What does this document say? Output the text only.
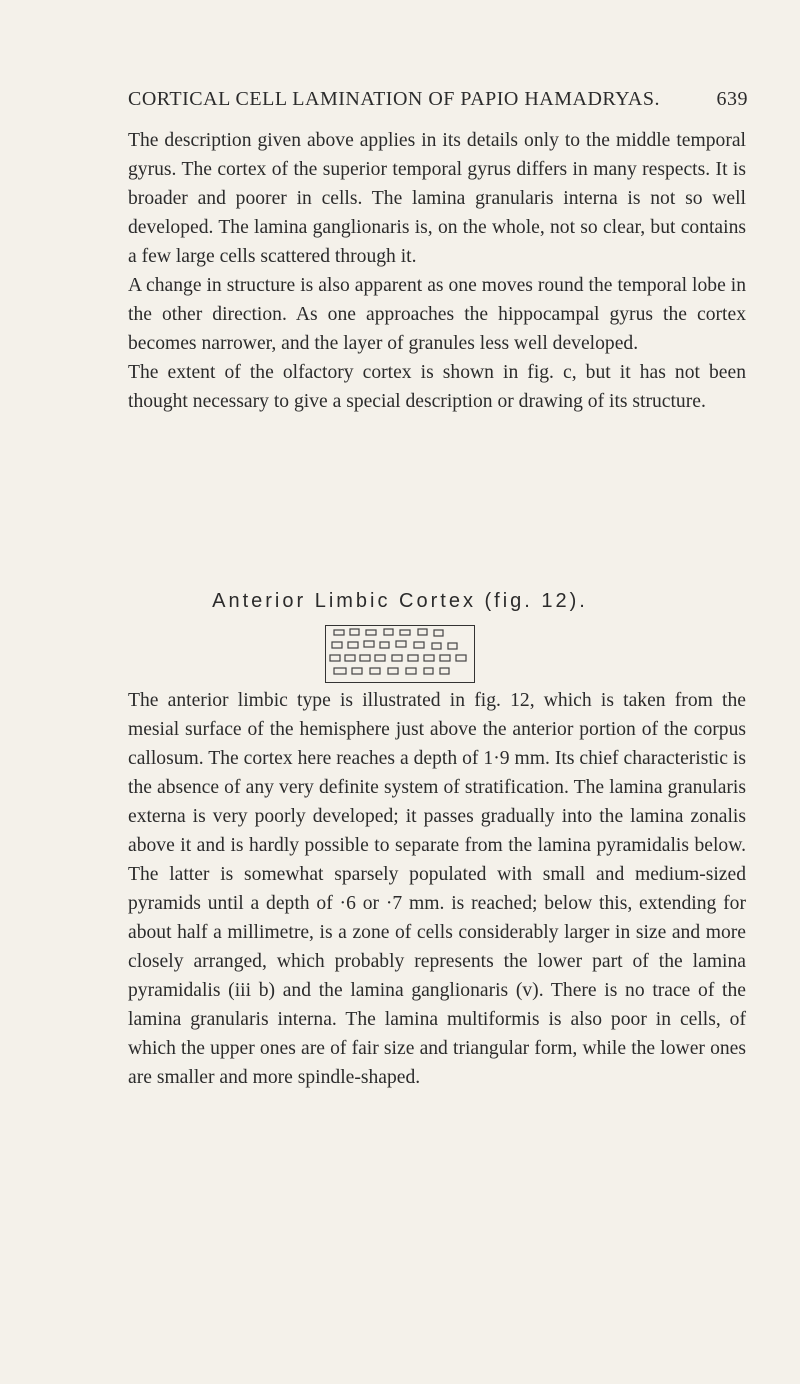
CORTICAL CELL LAMINATION OF PAPIO HAMADRYAS.	639

The description given above applies in its details only to the middle temporal gyrus. The cortex of the superior temporal gyrus differs in many respects. It is broader and poorer in cells. The lamina granularis interna is not so well developed. The lamina ganglionaris is, on the whole, not so clear, but contains a few large cells scattered through it.

A change in structure is also apparent as one moves round the temporal lobe in the other direction. As one approaches the hippocampal gyrus the cortex becomes narrower, and the layer of granules less well developed.

The extent of the olfactory cortex is shown in fig. c, but it has not been thought necessary to give a special description or drawing of its structure.

Anterior Limbic Cortex (fig. 12).

The anterior limbic type is illustrated in fig. 12, which is taken from the mesial surface of the hemisphere just above the anterior portion of the corpus callosum. The cortex here reaches a depth of 1·9 mm. Its chief characteristic is the absence of any very definite system of stratification. The lamina granularis externa is very poorly developed; it passes gradually into the lamina zonalis above it and is hardly possible to separate from the lamina pyramidalis below. The latter is somewhat sparsely populated with small and medium-sized pyramids until a depth of ·6 or ·7 mm. is reached; below this, extending for about half a millimetre, is a zone of cells considerably larger in size and more closely arranged, which probably represents the lower part of the lamina pyramidalis (iii b) and the lamina ganglionaris (v). There is no trace of the lamina granularis interna. The lamina multiformis is also poor in cells, of which the upper ones are of fair size and triangular form, while the lower ones are smaller and more spindle-shaped.
